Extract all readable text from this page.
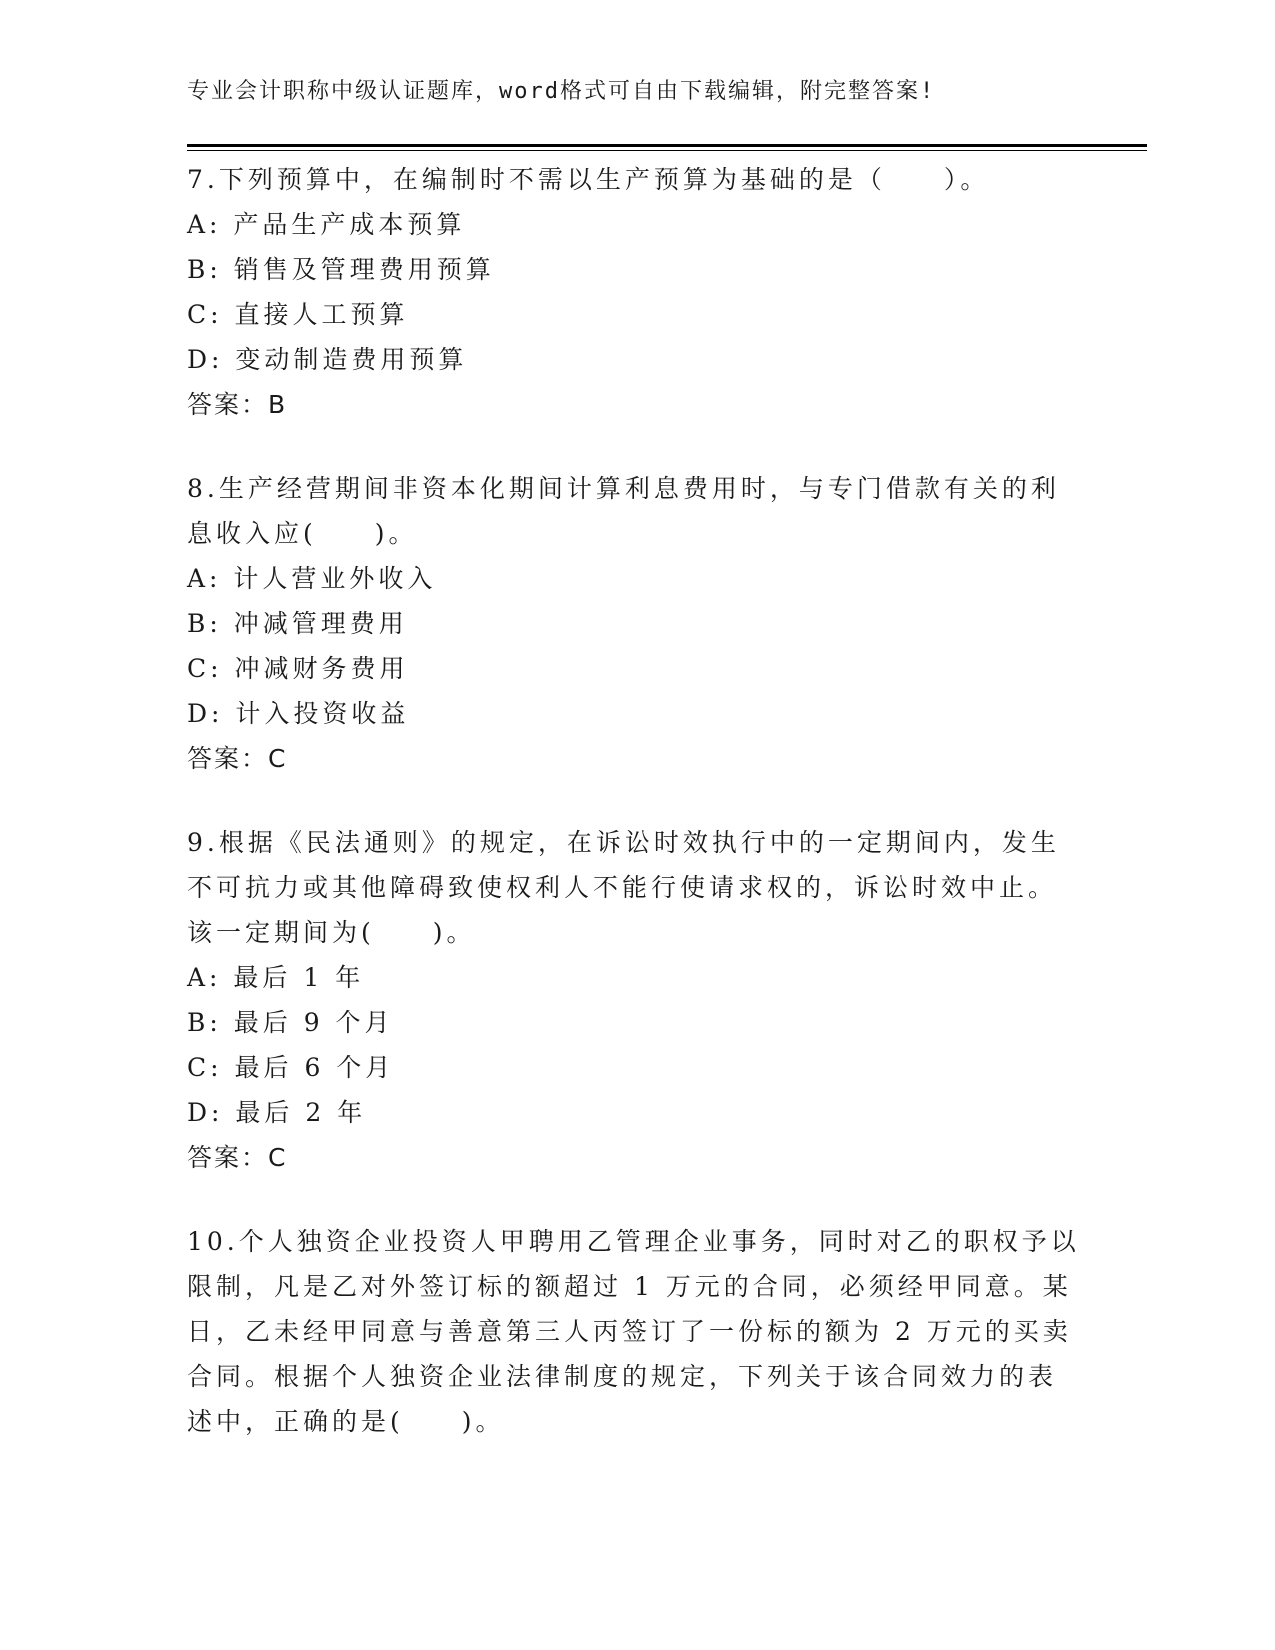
专业会计职称中级认证题库，word格式可自由下载编辑，附完整答案!
7.下列预算中，在编制时不需以生产预算为基础的是（　　）。
A: 产品生产成本预算
B: 销售及管理费用预算
C: 直接人工预算
D: 变动制造费用预算
答案：B
8.生产经营期间非资本化期间计算利息费用时，与专门借款有关的利
息收入应(　　)。
A: 计人营业外收入
B: 冲减管理费用
C: 冲减财务费用
D: 计入投资收益
答案：C
9.根据《民法通则》的规定，在诉讼时效执行中的一定期间内，发生
不可抗力或其他障碍致使权利人不能行使请求权的，诉讼时效中止。
该一定期间为(　　)。
A: 最后 1 年
B: 最后 9 个月
C: 最后 6 个月
D: 最后 2 年
答案：C
10.个人独资企业投资人甲聘用乙管理企业事务，同时对乙的职权予以
限制，凡是乙对外签订标的额超过 1 万元的合同，必须经甲同意。某
日，乙未经甲同意与善意第三人丙签订了一份标的额为 2 万元的买卖
合同。根据个人独资企业法律制度的规定，下列关于该合同效力的表
述中，正确的是(　　)。
